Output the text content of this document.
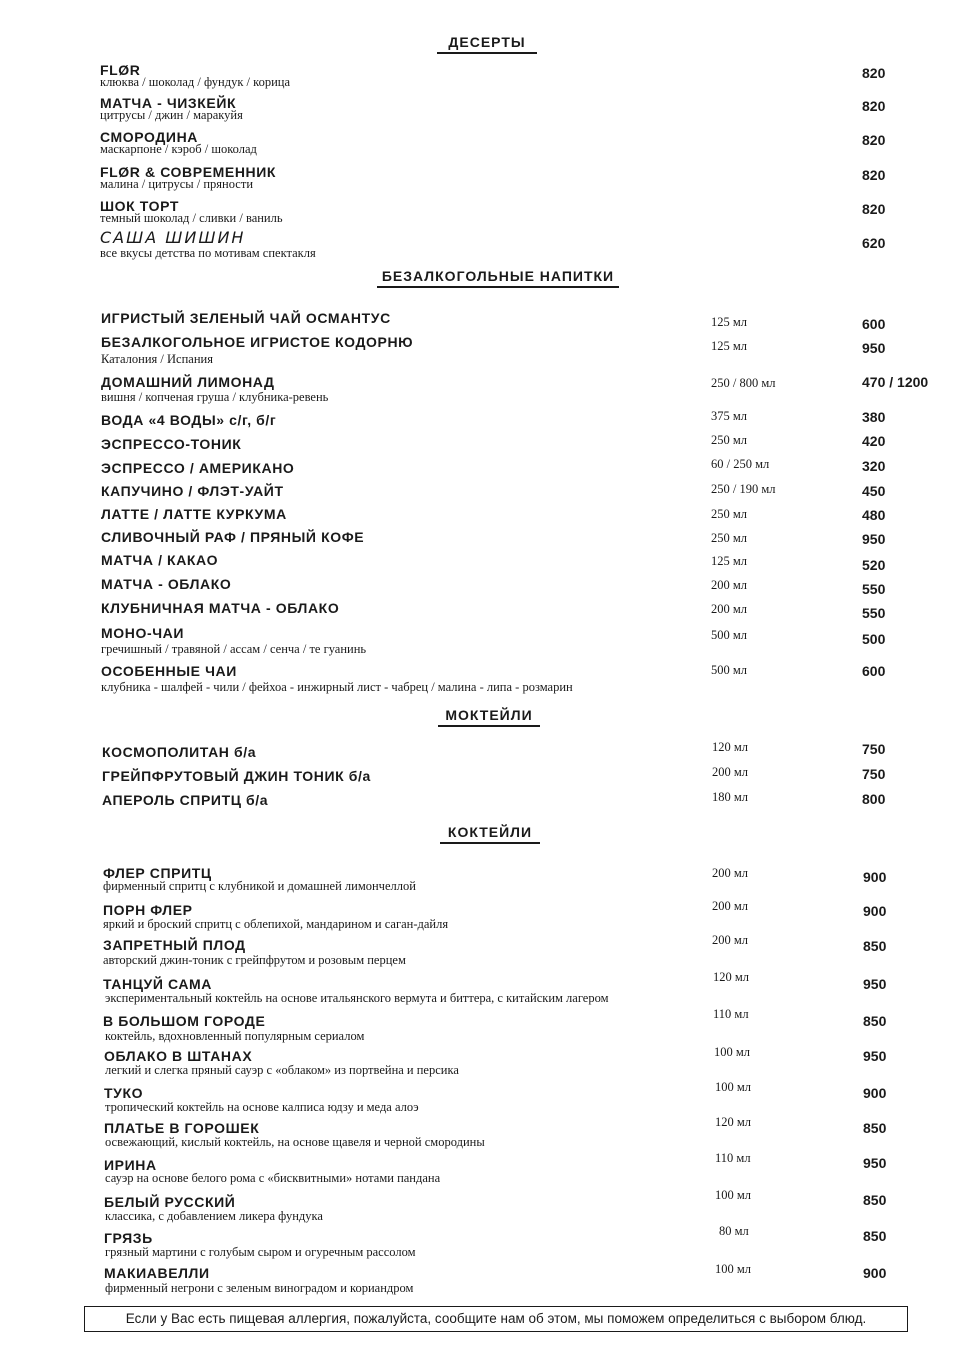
ДЕСЕРТЫ
БЕЗАЛКОГОЛЬНЫЕ НАПИТКИ
МОКТЕЙЛИ
КОКТЕЙЛИ
FLØR
клюква / шоколад / фундук / корица
820
МАТЧА - ЧИЗКЕЙК
цитрусы / джин / маракуйя
820
СМОРОДИНА
маскарпоне / кэроб / шоколад
820
FLØR & СОВРЕМЕННИК
малина / цитрусы / пряности
820
ШОК ТОРТ
темный шоколад / сливки / ваниль
820
САША ШИШИН
все вкусы детства по мотивам спектакля
620
ИГРИСТЫЙ ЗЕЛЕНЫЙ ЧАЙ ОСМАНТУС	125 мл	600
БЕЗАЛКОГОЛЬНОЕ ИГРИСТОЕ КОДОРНЮ
Каталония / Испания
125 мл	950
ДОМАШНИЙ ЛИМОНАД
вишня / копченая груша / клубника-ревень
250 / 800 мл	470 / 1200
ВОДА «4 ВОДЫ» с/г, б/г	375 мл	380
ЭСПРЕССО-ТОНИК	250 мл	420
ЭСПРЕССО / АМЕРИКАНО	60 / 250 мл	320
КАПУЧИНО / ФЛЭТ-УАЙТ	250 / 190 мл	450
ЛАТТЕ / ЛАТТЕ КУРКУМА	250 мл	480
СЛИВОЧНЫЙ РАФ / ПРЯНЫЙ КОФЕ	250 мл	950
МАТЧА / КАКАО	125 мл	520
МАТЧА - ОБЛАКО	200 мл	550
КЛУБНИЧНАЯ МАТЧА - ОБЛАКО	200 мл	550
МОНО-ЧАИ
гречишный / травяной / ассам / сенча / те гуанинь
500 мл	500
ОСОБЕННЫЕ ЧАИ
клубника - шалфей - чили / фейхоа - инжирный лист - чабрец / малина - липа - розмарин
500 мл	600
КОСМОПОЛИТАН б/а	120 мл	750
ГРЕЙПФРУТОВЫЙ ДЖИН ТОНИК б/а	200 мл	750
АПЕРОЛЬ СПРИТЦ б/а	180 мл	800
ФЛЕР СПРИТЦ
фирменный спритц с клубникой и домашней лимончеллой
200 мл	900
ПОРН ФЛЕР
яркий и броский спритц с облепихой, мандарином и саган-дайля
200 мл	900
ЗАПРЕТНЫЙ ПЛОД
авторский джин-тоник с грейпфрутом и розовым перцем
200 мл	850
ТАНЦУЙ САМА
экспериментальный коктейль на основе итальянского вермута и биттера, с китайским лагером
120 мл	950
В БОЛЬШОМ ГОРОДЕ
коктейль, вдохновленный популярным сериалом
110 мл	850
ОБЛАКО В ШТАНАХ
легкий и слегка пряный сауэр с «облаком» из портвейна и персика
100 мл	950
ТУКО
тропический коктейль на основе калписа юдзу и меда алоэ
100 мл	900
ПЛАТЬЕ В ГОРОШЕК
освежающий, кислый коктейль, на основе щавеля и черной смородины
120 мл	850
ИРИНА
сауэр на основе белого рома с «бисквитными» нотами пандана
110 мл	950
БЕЛЫЙ РУССКИЙ
классика, с добавлением ликера фундука
100 мл	850
ГРЯЗЬ
грязный мартини с голубым сыром и огуречным рассолом
80 мл	850
МАКИАВЕЛЛИ
фирменный негрони с зеленым виноградом и кориандром
100 мл	900
Если у Вас есть пищевая аллергия, пожалуйста, сообщите нам об этом, мы поможем определиться с выбором блюд.
